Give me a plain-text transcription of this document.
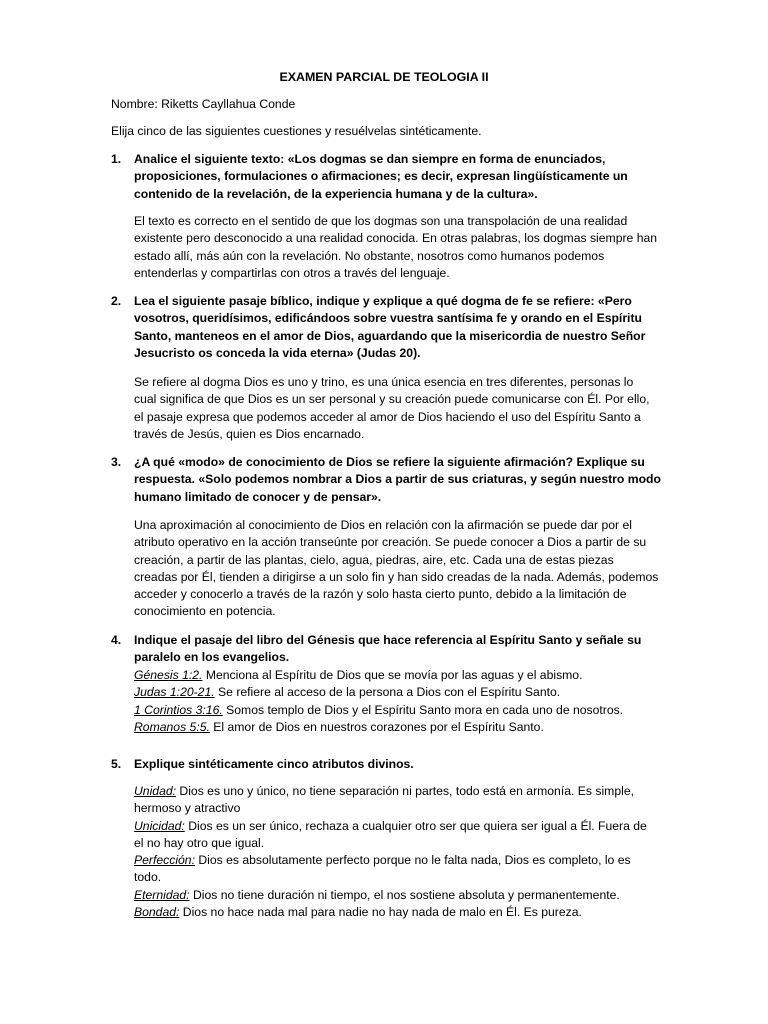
EXAMEN PARCIAL DE TEOLOGIA II

Nombre: Riketts Cayllahua Conde

Elija cinco de las siguientes cuestiones y resuélvelas sintéticamente.

1. Analice el siguiente texto: «Los dogmas se dan siempre en forma de enunciados, proposiciones, formulaciones o afirmaciones; es decir, expresan lingüísticamente un contenido de la revelación, de la experiencia humana y de la cultura».

El texto es correcto en el sentido de que los dogmas son una transpolación de una realidad existente pero desconocido a una realidad conocida. En otras palabras, los dogmas siempre han estado allí, más aún con la revelación. No obstante, nosotros como humanos podemos entenderlas y compartirlas con otros a través del lenguaje.

2. Lea el siguiente pasaje bíblico, indique y explique a qué dogma de fe se refiere: «Pero vosotros, queridísimos, edificándoos sobre vuestra santísima fe y orando en el Espíritu Santo, manteneos en el amor de Dios, aguardando que la misericordia de nuestro Señor Jesucristo os conceda la vida eterna» (Judas 20).

Se refiere al dogma Dios es uno y trino, es una única esencia en tres diferentes, personas lo cual significa de que Dios es un ser personal y su creación puede comunicarse con Él. Por ello, el pasaje expresa que podemos acceder al amor de Dios haciendo el uso del Espíritu Santo a través de Jesús, quien es Dios encarnado.

3. ¿A qué «modo» de conocimiento de Dios se refiere la siguiente afirmación? Explique su respuesta. «Solo podemos nombrar a Dios a partir de sus criaturas, y según nuestro modo humano limitado de conocer y de pensar».

Una aproximación al conocimiento de Dios en relación con la afirmación se puede dar por el atributo operativo en la acción transeúnte por creación. Se puede conocer a Dios a partir de su creación, a partir de las plantas, cielo, agua, piedras, aire, etc. Cada una de estas piezas creadas por Él, tienden a dirigirse a un solo fin y han sido creadas de la nada. Además, podemos acceder y conocerlo a través de la razón y solo hasta cierto punto, debido a la limitación de conocimiento en potencia.

4. Indique el pasaje del libro del Génesis que hace referencia al Espíritu Santo y señale su paralelo en los evangelios.

Génesis 1:2. Menciona al Espíritu de Dios que se movía por las aguas y el abismo.

Judas 1:20-21. Se refiere al acceso de la persona a Dios con el Espíritu Santo.

1 Corintios 3:16. Somos templo de Dios y el Espíritu Santo mora en cada uno de nosotros.

Romanos 5:5. El amor de Dios en nuestros corazones por el Espíritu Santo.

5. Explique sintéticamente cinco atributos divinos.

Unidad: Dios es uno y único, no tiene separación ni partes, todo está en armonía. Es simple, hermoso y atractivo

Unicidad: Dios es un ser único, rechaza a cualquier otro ser que quiera ser igual a Él. Fuera de el no hay otro que igual.

Perfección: Dios es absolutamente perfecto porque no le falta nada, Dios es completo, lo es todo.

Eternidad: Dios no tiene duración ni tiempo, el nos sostiene absoluta y permanentemente.

Bondad: Dios no hace nada mal para nadie no hay nada de malo en Él. Es pureza.
